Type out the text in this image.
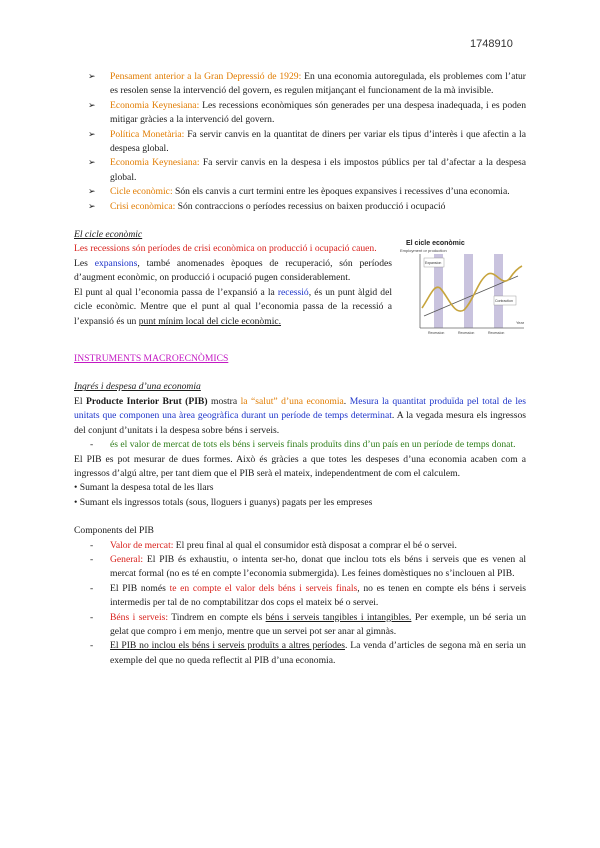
1748910

➢ Pensament anterior a la Gran Depressió de 1929: En una economia autoregulada, els problemes com l’atur es resolen sense la intervenció del govern, es regulen mitjançant el funcionament de la mà invisible.

➢ Economia Keynesiana: Les recessions econòmiques són generades per una despesa inadequada, i es poden mitigar gràcies a la intervenció del govern.

➢ Política Monetària: Fa servir canvis en la quantitat de diners per variar els tipus d’interès i que afectin a la despesa global.

➢ Economia Keynesiana: Fa servir canvis en la despesa i els impostos públics per tal d’afectar a la despesa global.

➢ Cicle econòmic: Són els canvis a curt termini entre les èpoques expansives i recessives d’una economia.

➢ Crisi econòmica: Són contraccions o períodes recessius on baixen producció i ocupació

El cicle econòmic

Les recessions són períodes de crisi econòmica on producció i ocupació cauen.

Les expansions, també anomenades èpoques de recuperació, són períodes d’augment econòmic, on producció i ocupació pugen considerablement.

El punt al qual l’economia passa de l’expansió a la recessió, és un punt àlgid del cicle econòmic. Mentre que el punt al qual l’economia passa de la recessió a l’expansió és un punt mínim local del cicle econòmic.

El cicle econòmic
Employment or production
Expansion
Contraction
Year
Recession	Recession	Recession

INSTRUMENTS MACROECNÒMICS

Ingrés i despesa d’una economia

El Producte Interior Brut (PIB) mostra la “salut” d’una economia. Mesura la quantitat produïda pel total de les unitats que componen una àrea geogràfica durant un període de temps determinat. A la vegada mesura els ingressos del conjunt d’unitats i la despesa sobre béns i serveis.

- és el valor de mercat de tots els béns i serveis finals produïts dins d’un país en un període de temps donat.

El PIB es pot mesurar de dues formes. Això és gràcies a que totes les despeses d’una economia acaben com a ingressos d’algú altre, per tant diem que el PIB serà el mateix, independentment de com el calculem.

• Sumant la despesa total de les llars

• Sumant els ingressos totals (sous, lloguers i guanys) pagats per les empreses

Components del PIB

- Valor de mercat: El preu final al qual el consumidor està disposat a comprar el bé o servei.

- General: El PIB és exhaustiu, o intenta ser-ho, donat que inclou tots els béns i serveis que es venen al mercat formal (no es té en compte l’economia submergida). Les feines domèstiques no s’inclouen al PIB.

- El PIB només te en compte el valor dels béns i serveis finals, no es tenen en compte els béns i serveis intermedis per tal de no comptabilitzar dos cops el mateix bé o servei.

- Béns i serveis: Tindrem en compte els béns i serveis tangibles i intangibles. Per exemple, un bé seria un gelat que compro i em menjo, mentre que un servei pot ser anar al gimnàs.

- El PIB no inclou els béns i serveis produïts a altres períodes. La venda d’articles de segona mà en seria un exemple del que no queda reflectit al PIB d’una economia.
